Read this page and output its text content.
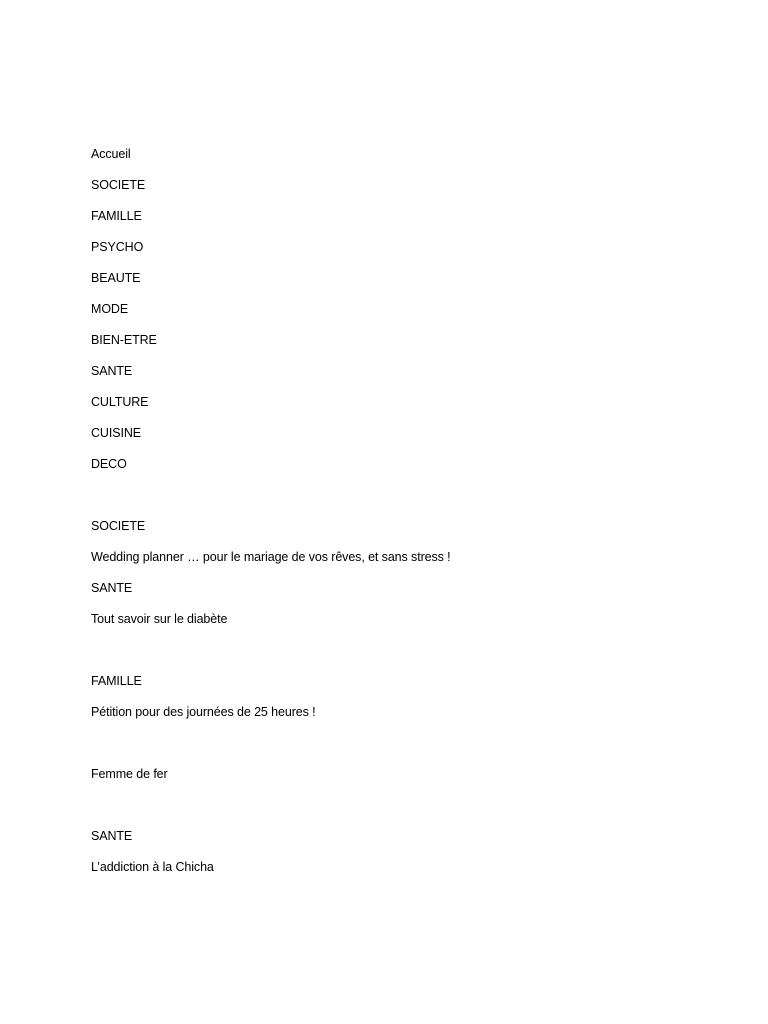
Accueil
SOCIETE
FAMILLE
PSYCHO
BEAUTE
MODE
BIEN-ETRE
SANTE
CULTURE
CUISINE
DECO
SOCIETE
Wedding planner … pour le mariage de vos rêves, et sans stress !
SANTE
Tout savoir sur le diabète
FAMILLE
Pétition pour des journées de 25 heures !
Femme de fer
SANTE
L’addiction à la Chicha
